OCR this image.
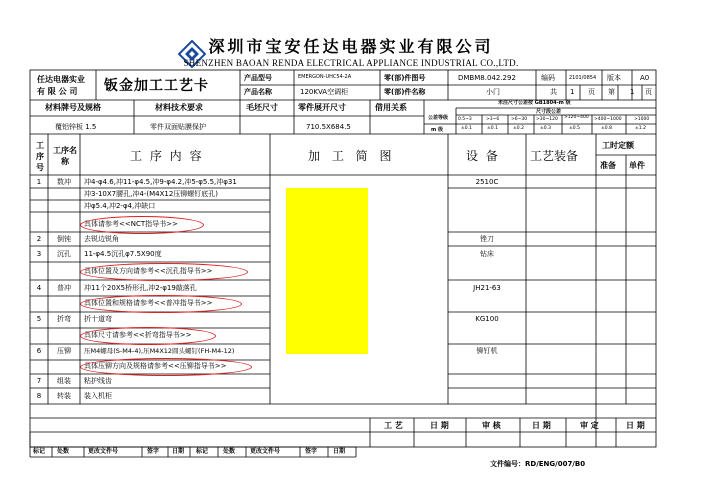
深圳市宝安任达电器实业有限公司
SHENZHEN BAOAN RENDA ELECTRICAL APPLIANCE INDUSTRIAL CO.,LTD.
任达电器实业
有 限 公 司 钣金加工工艺卡	产品型号	EMERGON-UHC54-2A
产品名称	120KVA空调柜
零(部)件图号	DMBM8.042.292
零(部)件名称	小门
编码	2101/0854 版本	A0
共 1 页 第 1 页
材料牌号及规格
覆铝锌板 1.5
材料技术要求
零件双面贴膜保护
毛坯尺寸	零件展开尺寸
710.5X684.5
借用关系	未注尺寸公差按 GB1804-m 级
尺寸段公差
公差等级
m 级
0.5~3	>3~6	>6~30 >30~120 >120~400 >400~1000	>1000
±0.1	±0.1	±0.2	±0.3	±0.5	±0.8	±1.2
工序号
工序名称	工 序 内 容	加 工 简 图	设 备	工艺装备
工时定额
准备 单件
1	数冲	冲4-φ4.6,冲11-φ4.5,冲9-φ4.2,冲5-φ5.5,冲φ31	2510C
冲3-10X7腰孔,冲4-(M4X12压铆螺钉底孔)
冲φ5.4,冲2-φ4,冲缺口
具体请参考<<NCT指导书>>
2	倒钝	去锐边锐角	锉刀
3	沉孔	11-φ4.5沉孔φ7.5X90度	钻床
具体位置及方向请参考<<沉孔指导书>>
4	普冲	冲11个20X5桥形孔,冲2-φ19敲落孔	JH21-63
具体位置和规格请参考<<普冲指导书>>
5	折弯	折十道弯	KG100
具体尺寸请参考<<折弯指导书>>
6	压铆	压M4螺母(S-M4-4),压M4X12圆头螺钉(FH-M4-12)	铆钉机
具体压铆方向及规格请参考<<压铆指导书>>
7	组装	粘护线齿
8	转装	装入机柜
工 艺	日 期	审 核	日 期	审 定	日 期
标记 处数	更改文件号	签字 日期 标记 处数 更改文件号	签字	日期
文件编号：RD/ENG/007/B0
